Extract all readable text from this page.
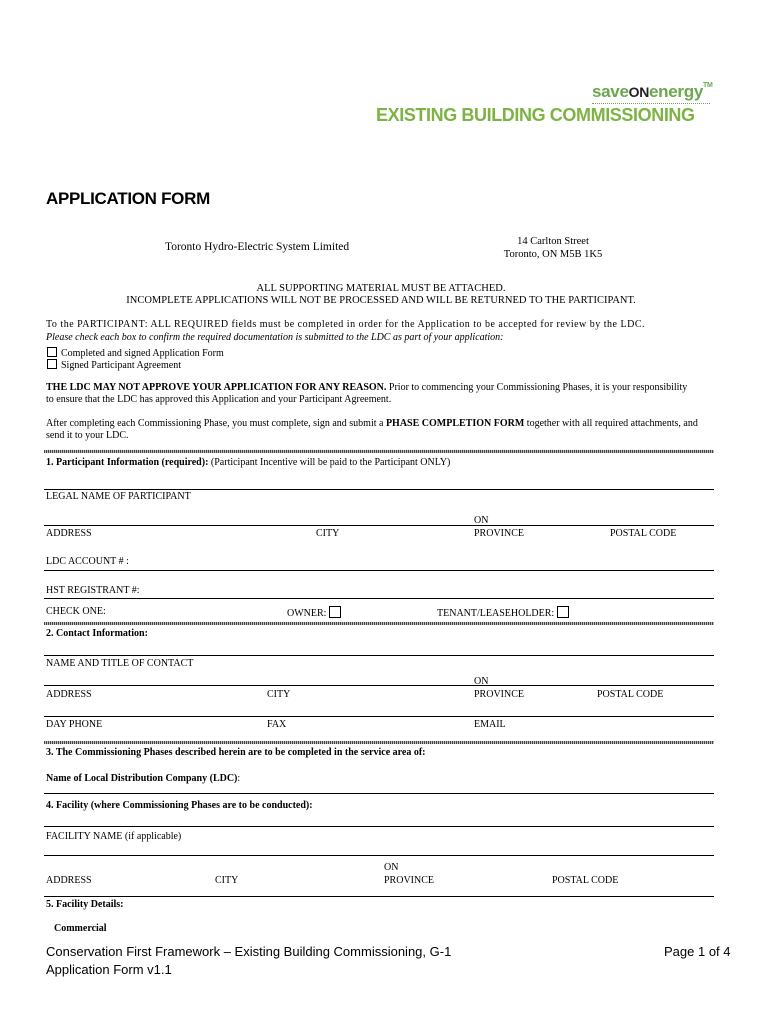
saveONenergy™
EXISTING BUILDING COMMISSIONING
APPLICATION FORM
Toronto Hydro-Electric System Limited	14 Carlton Street
Toronto, ON M5B 1K5
ALL SUPPORTING MATERIAL MUST BE ATTACHED.
INCOMPLETE APPLICATIONS WILL NOT BE PROCESSED AND WILL BE RETURNED TO THE PARTICIPANT.
To the PARTICIPANT: ALL REQUIRED fields must be completed in order for the Application to be accepted for review by the LDC.
Please check each box to confirm the required documentation is submitted to the LDC as part of your application:
Completed and signed Application Form
Signed Participant Agreement
THE LDC MAY NOT APPROVE YOUR APPLICATION FOR ANY REASON. Prior to commencing your Commissioning Phases, it is your responsibility
to ensure that the LDC has approved this Application and your Participant Agreement.
After completing each Commissioning Phase, you must complete, sign and submit a PHASE COMPLETION FORM together with all required attachments, and
send it to your LDC.
1. Participant Information (required): (Participant Incentive will be paid to the Participant ONLY)
LEGAL NAME OF PARTICIPANT
ADDRESS	CITY
ON
PROVINCE	POSTAL CODE
LDC ACCOUNT # :
HST REGISTRANT #:
CHECK ONE:	OWNER:	TENANT/LEASEHOLDER:
2. Contact Information:
NAME AND TITLE OF CONTACT
ADDRESS	CITY
ON
PROVINCE	POSTAL CODE
DAY PHONE	FAX	EMAIL
3. The Commissioning Phases described herein are to be completed in the service area of:
Name of Local Distribution Company (LDC):
4. Facility (where Commissioning Phases are to be conducted):
FACILITY NAME (if applicable)
ADDRESS	CITY
ON
PROVINCE	POSTAL CODE
5. Facility Details:
Commercial
Conservation First Framework – Existing Building Commissioning, G-1
Application Form v1.1
Page 1 of 4
